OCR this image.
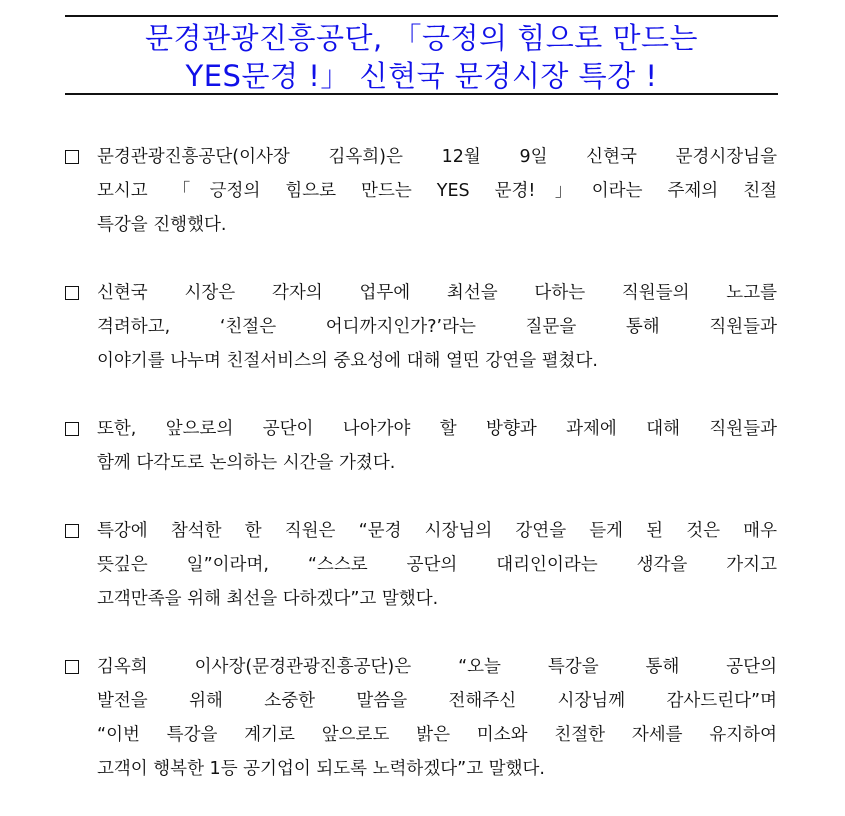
문경관광진흥공단, 「긍정의 힘으로 만드는
YES문경 !」 신현국 문경시장 특강 !
문경관광진흥공단(이사장 김옥희)은 12월 9일 신현국 문경시장님을
모시고 「긍정의 힘으로 만드는 YES 문경!」이라는 주제의 친절
특강을 진행했다.
신현국 시장은 각자의 업무에 최선을 다하는 직원들의 노고를
격려하고, ‘친절은 어디까지인가?’라는 질문을 통해 직원들과
이야기를 나누며 친절서비스의 중요성에 대해 열띤 강연을 펼쳤다.
또한, 앞으로의 공단이 나아가야 할 방향과 과제에 대해 직원들과
함께 다각도로 논의하는 시간을 가졌다.
특강에 참석한 한 직원은 “문경 시장님의 강연을 듣게 된 것은 매우
뜻깊은 일”이라며, “스스로 공단의 대리인이라는 생각을 가지고
고객만족을 위해 최선을 다하겠다”고 말했다.
김옥희 이사장(문경관광진흥공단)은 “오늘 특강을 통해 공단의
발전을 위해 소중한 말씀을 전해주신 시장님께 감사드린다”며
“이번 특강을 계기로 앞으로도 밝은 미소와 친절한 자세를 유지하여
고객이 행복한 1등 공기업이 되도록 노력하겠다”고 말했다.
